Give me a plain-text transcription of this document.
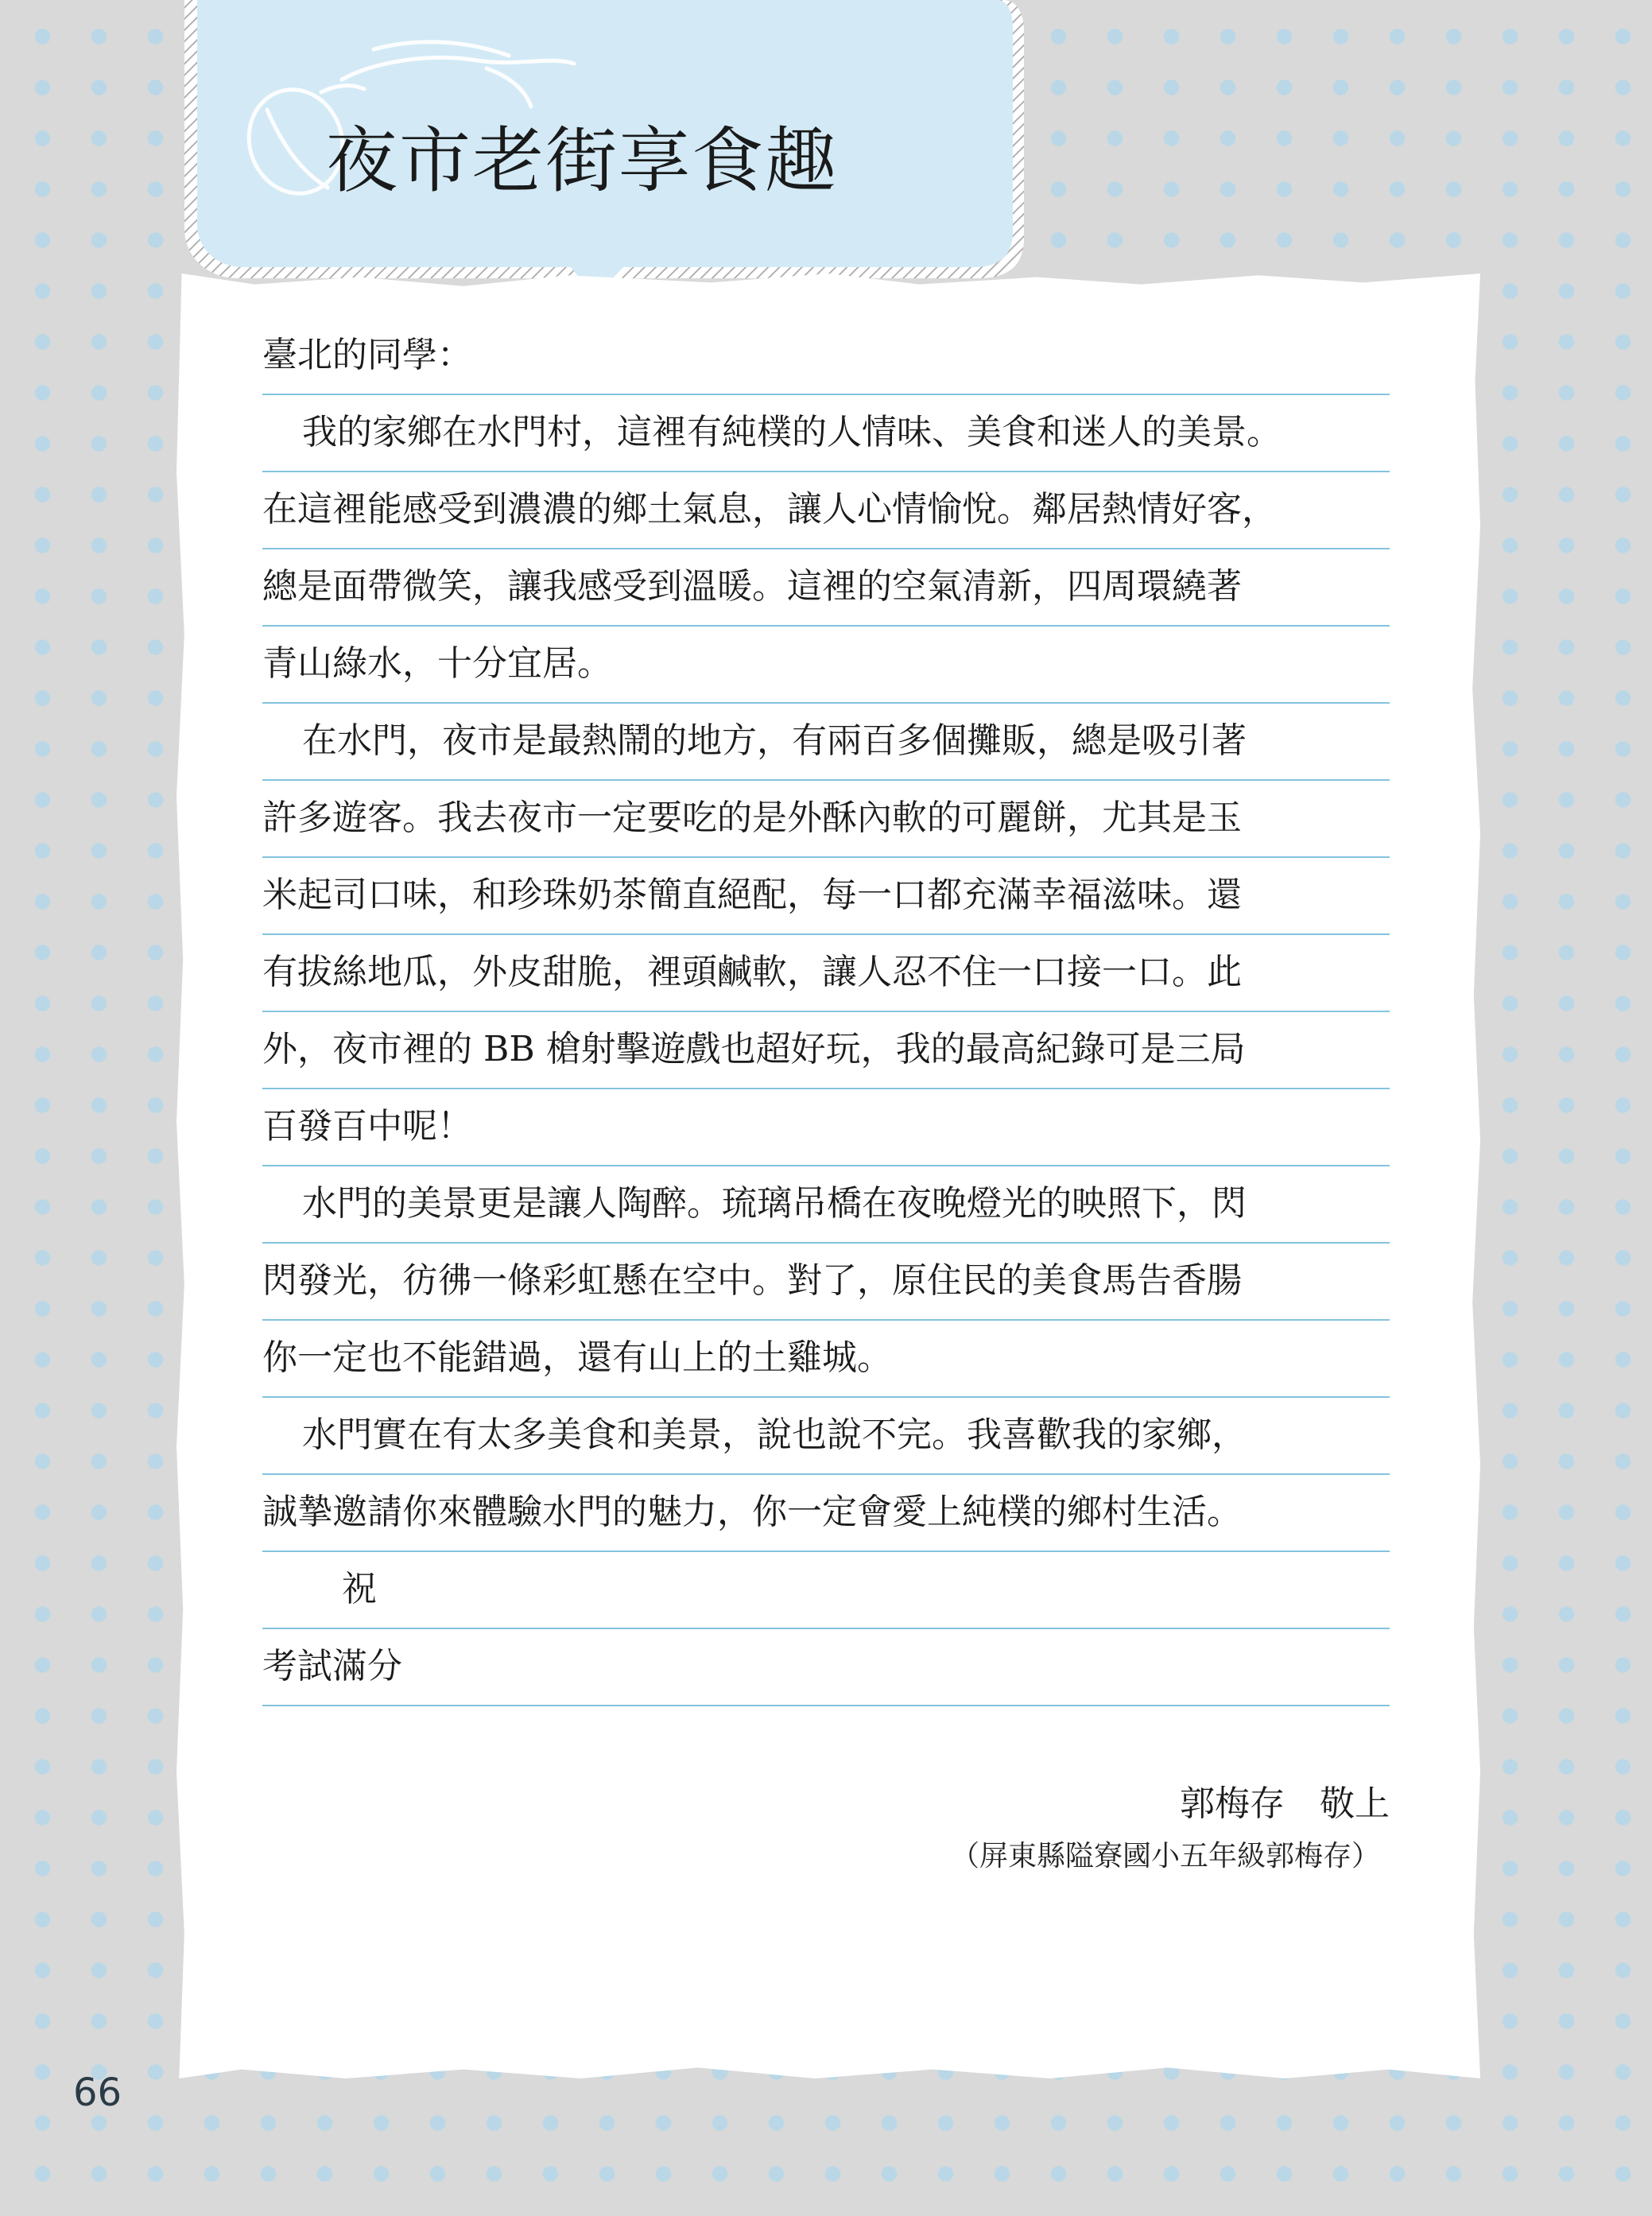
夜市老街享食趣
臺北的同學：
我的家鄉在水門村，這裡有純樸的人情味、美食和迷人的美景。
在這裡能感受到濃濃的鄉土氣息，讓人心情愉悅。鄰居熱情好客，
總是面帶微笑，讓我感受到溫暖。這裡的空氣清新，四周環繞著
青山綠水，十分宜居。
在水門，夜市是最熱鬧的地方，有兩百多個攤販，總是吸引著
許多遊客。我去夜市一定要吃的是外酥內軟的可麗餅，尤其是玉
米起司口味，和珍珠奶茶簡直絕配，每一口都充滿幸福滋味。還
有拔絲地瓜，外皮甜脆，裡頭鹹軟，讓人忍不住一口接一口。此
外，夜市裡的 BB 槍射擊遊戲也超好玩，我的最高紀錄可是三局
百發百中呢！
水門的美景更是讓人陶醉。琉璃吊橋在夜晚燈光的映照下，閃
閃發光，彷彿一條彩虹懸在空中。對了，原住民的美食馬告香腸
你一定也不能錯過，還有山上的土雞城。
水門實在有太多美食和美景，說也說不完。我喜歡我的家鄉，
誠摯邀請你來體驗水門的魅力，你一定會愛上純樸的鄉村生活。
祝
考試滿分
郭梅存　敬上
（屏東縣隘寮國小五年級郭梅存）
66
